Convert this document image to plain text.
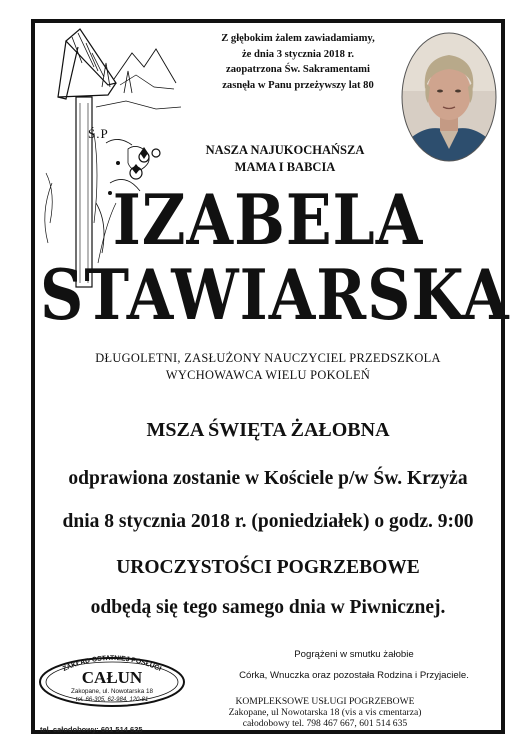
Z głębokim żalem zawiadamiamy,
że dnia 3 stycznia 2018 r.
zaopatrzona Św. Sakramentami
zasnęła w Panu przeżywszy lat 80
Ś.P
NASZA NAJUKOCHAŃSZA
MAMA I BABCIA
IZABELA
STAWIARSKA
DŁUGOLETNI, ZASŁUŻONY NAUCZYCIEL PRZEDSZKOLA
WYCHOWAWCA WIELU POKOLEŃ
MSZA ŚWIĘTA ŻAŁOBNA
odprawiona zostanie w Kościele p/w Św. Krzyża
dnia 8 stycznia 2018 r. (poniedziałek) o godz. 9:00
UROCZYSTOŚCI POGRZEBOWE
odbędą się tego samego dnia w Piwnicznej.
Pogrążeni w smutku żałobie
Córka, Wnuczka oraz pozostała Rodzina i Przyjaciele.
ZAKŁAD OSTATNIEJ POSŁUGI
CAŁUN
Zakopane, ul. Nowotarska 18
tel. 66-305, 62-984, 120-81
tel. całodobowy: 601 514 635
KOMPLEKSOWE USŁUGI POGRZEBOWE
Zakopane, ul Nowotarska 18 (vis a vis cmentarza)
całodobowy tel. 798 467 667, 601 514 635
